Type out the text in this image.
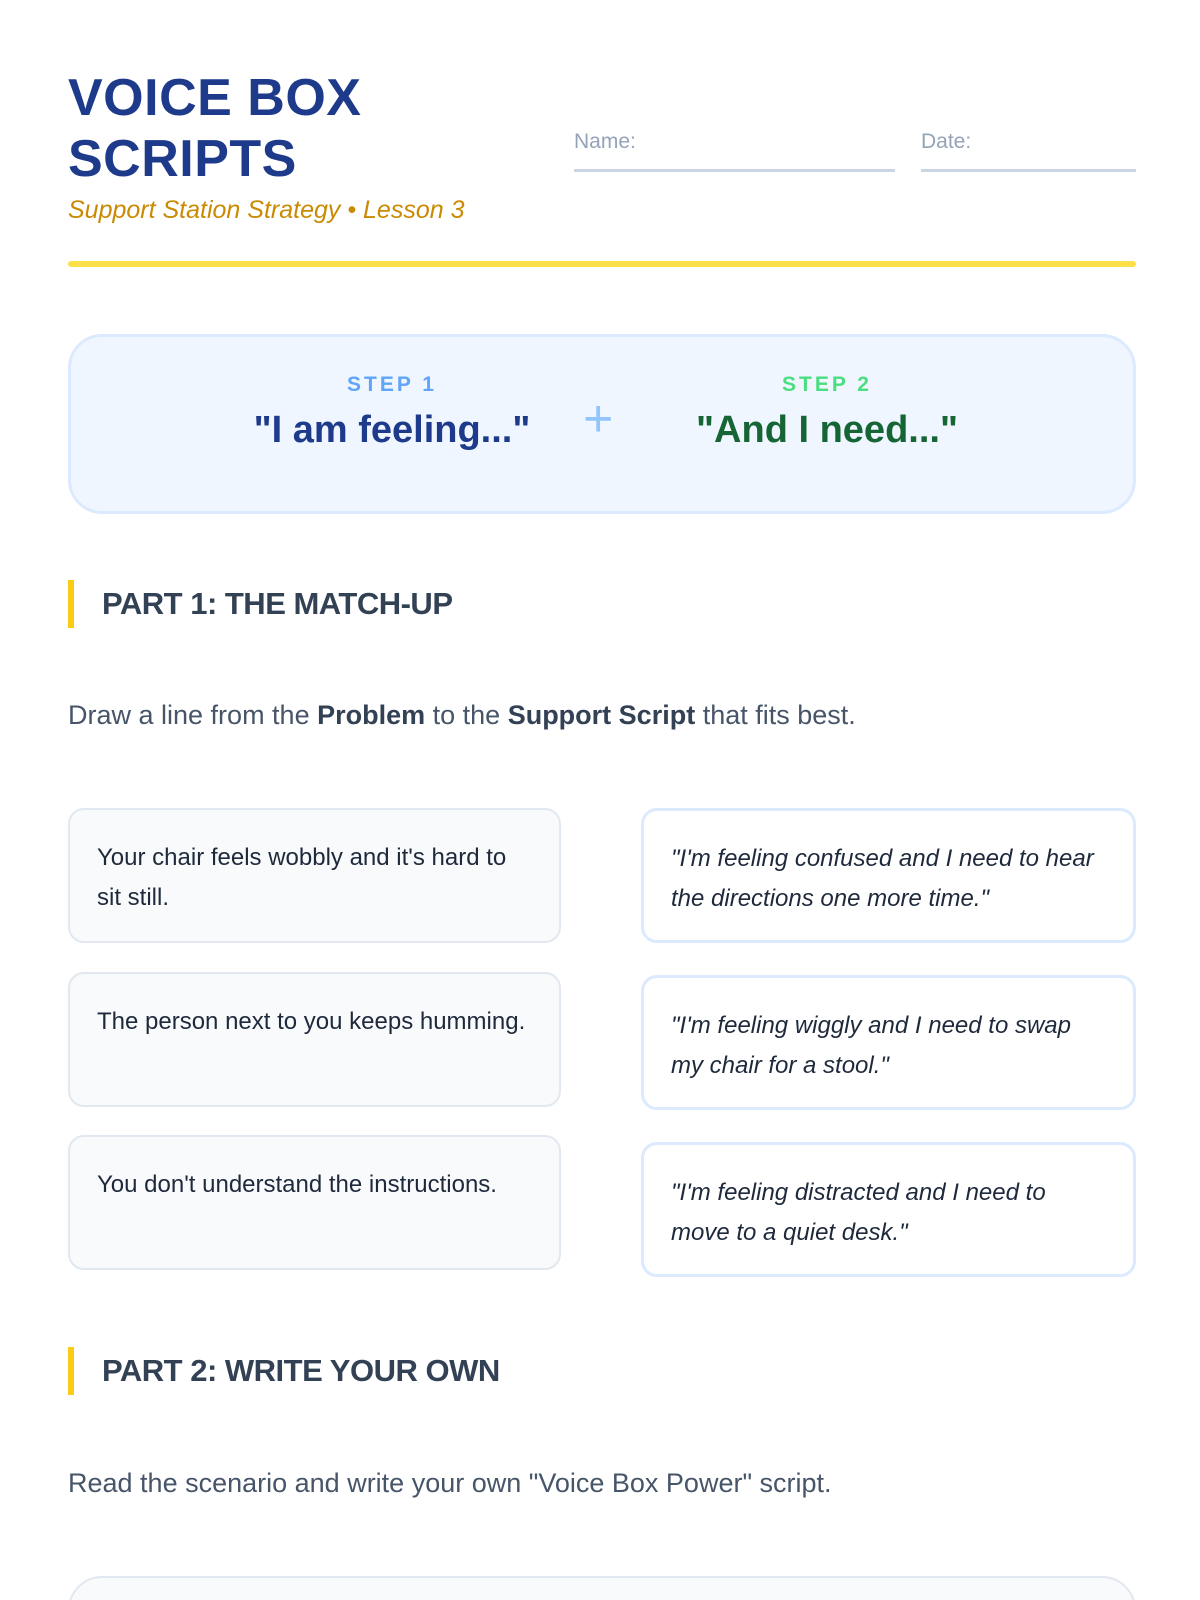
VOICE BOX SCRIPTS
Support Station Strategy • Lesson 3
Name:	Date:
STEP 1
"I am feeling..."	+
STEP 2
"And I need..."
PART 1: THE MATCH-UP

Draw a line from the Problem to the Support Script that fits best.

Your chair feels wobbly and it's hard to sit still.
The person next to you keeps humming.
You don't understand the instructions.
"I'm feeling confused and I need to hear the directions one more time."
"I'm feeling wiggly and I need to swap my chair for a stool."
"I'm feeling distracted and I need to move to a quiet desk."
PART 2: WRITE YOUR OWN

Read the scenario and write your own "Voice Box Power" script.
